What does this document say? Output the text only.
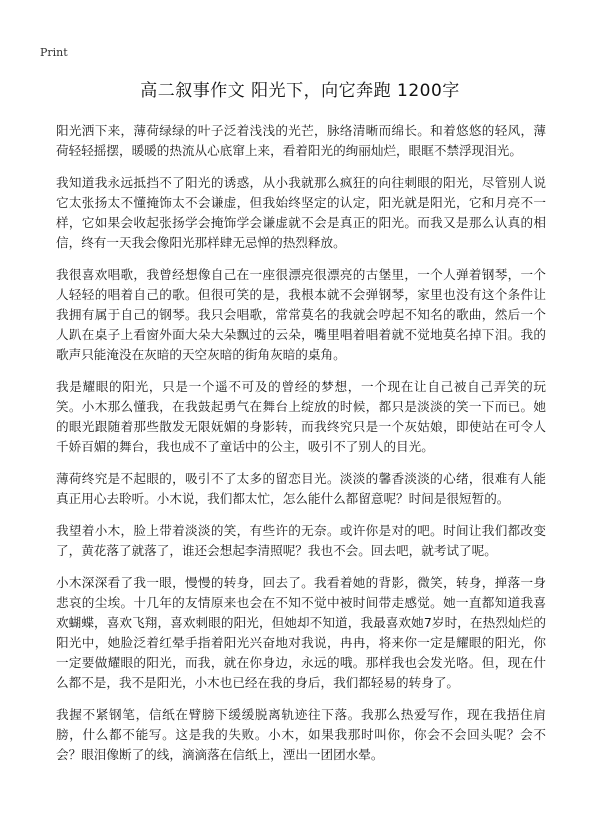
Print
高二叙事作文 阳光下，向它奔跑 1200字

阳光洒下来，薄荷绿绿的叶子泛着浅浅的光芒，脉络清晰而绵长。和着悠悠的轻风，薄荷轻轻摇摆，暖暖的热流从心底窜上来，看着阳光的绚丽灿烂，眼眶不禁浮现泪光。

我知道我永远抵挡不了阳光的诱惑，从小我就那么疯狂的向往刺眼的阳光，尽管别人说它太张扬太不懂掩饰太不会谦虚，但我始终坚定的认定，阳光就是阳光，它和月亮不一样，它如果会收起张扬学会掩饰学会谦虚就不会是真正的阳光。而我又是那么认真的相信，终有一天我会像阳光那样肆无忌惮的热烈释放。

我很喜欢唱歌，我曾经想像自己在一座很漂亮很漂亮的古堡里，一个人弹着钢琴，一个人轻轻的唱着自己的歌。但很可笑的是，我根本就不会弹钢琴，家里也没有这个条件让我拥有属于自己的钢琴。我只会唱歌，常常莫名的我就会哼起不知名的歌曲，然后一个人趴在桌子上看窗外面大朵大朵飘过的云朵，嘴里唱着唱着就不觉地莫名掉下泪。我的歌声只能淹没在灰暗的天空灰暗的街角灰暗的桌角。

我是耀眼的阳光，只是一个遥不可及的曾经的梦想，一个现在让自己被自己弄笑的玩笑。小木那么懂我，在我鼓起勇气在舞台上绽放的时候，都只是淡淡的笑一下而已。她的眼光跟随着那些散发无限妩媚的身影转，而我终究只是一个灰姑娘，即使站在可令人千娇百媚的舞台，我也成不了童话中的公主，吸引不了别人的目光。

薄荷终究是不起眼的，吸引不了太多的留恋目光。淡淡的馨香淡淡的心绪，很难有人能真正用心去聆听。小木说，我们都太忙，怎么能什么都留意呢？时间是很短暂的。

我望着小木，脸上带着淡淡的笑，有些许的无奈。或许你是对的吧。时间让我们都改变了，黄花落了就落了，谁还会想起李清照呢？我也不会。回去吧，就考试了呢。

小木深深看了我一眼，慢慢的转身，回去了。我看着她的背影，微笑，转身，掸落一身悲哀的尘埃。十几年的友情原来也会在不知不觉中被时间带走感觉。她一直都知道我喜欢蝴蝶，喜欢飞翔，喜欢刺眼的阳光，但她却不知道，我最喜欢她7岁时，在热烈灿烂的阳光中，她脸泛着红晕手指着阳光兴奋地对我说，冉冉，将来你一定是耀眼的阳光，你一定要做耀眼的阳光，而我，就在你身边，永远的哦。那样我也会发光咯。但，现在什么都不是，我不是阳光，小木也已经在我的身后，我们都轻易的转身了。

我握不紧钢笔，信纸在臂膀下缓缓脱离轨迹往下落。我那么热爱写作，现在我捂住肩膀，什么都不能写。这是我的失败。小木，如果我那时叫你，你会不会回头呢？会不会？眼泪像断了的线，滴滴落在信纸上，湮出一团团水晕。
